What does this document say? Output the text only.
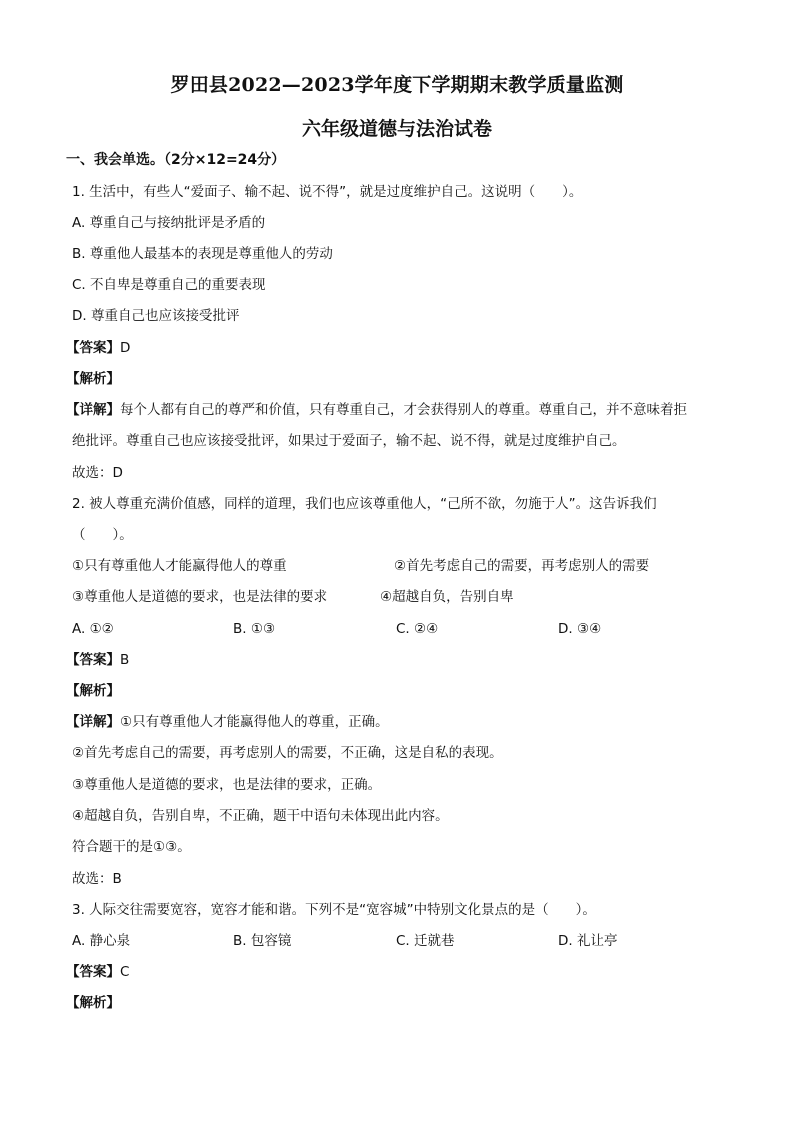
罗田县2022—2023学年度下学期期末教学质量监测
六年级道德与法治试卷
一、我会单选。（2分×12=24分）
1. 生活中，有些人“爱面子、输不起、说不得”，就是过度维护自己。这说明（　　）。
A. 尊重自己与接纳批评是矛盾的
B. 尊重他人最基本的表现是尊重他人的劳动
C. 不自卑是尊重自己的重要表现
D. 尊重自己也应该接受批评
【答案】D
【解析】
【详解】每个人都有自己的尊严和价值，只有尊重自己，才会获得别人的尊重。尊重自己，并不意味着拒
绝批评。尊重自己也应该接受批评，如果过于爱面子，输不起、说不得，就是过度维护自己。
故选：D
2. 被人尊重充满价值感，同样的道理，我们也应该尊重他人，“己所不欲，勿施于人”。这告诉我们
（　　）。
①只有尊重他人才能赢得他人的尊重	②首先考虑自己的需要，再考虑别人的需要
③尊重他人是道德的要求，也是法律的要求	④超越自负，告别自卑
A. ①②	B. ①③	C. ②④	D. ③④
【答案】B
【解析】
【详解】①只有尊重他人才能赢得他人的尊重，正确。
②首先考虑自己的需要，再考虑别人的需要，不正确，这是自私的表现。
③尊重他人是道德的要求，也是法律的要求，正确。
④超越自负，告别自卑，不正确，题干中语句未体现出此内容。
符合题干的是①③。
故选：B
3. 人际交往需要宽容，宽容才能和谐。下列不是“宽容城”中特别文化景点的是（　　）。
A. 静心泉	B. 包容镜	C. 迁就巷	D. 礼让亭
【答案】C
【解析】
